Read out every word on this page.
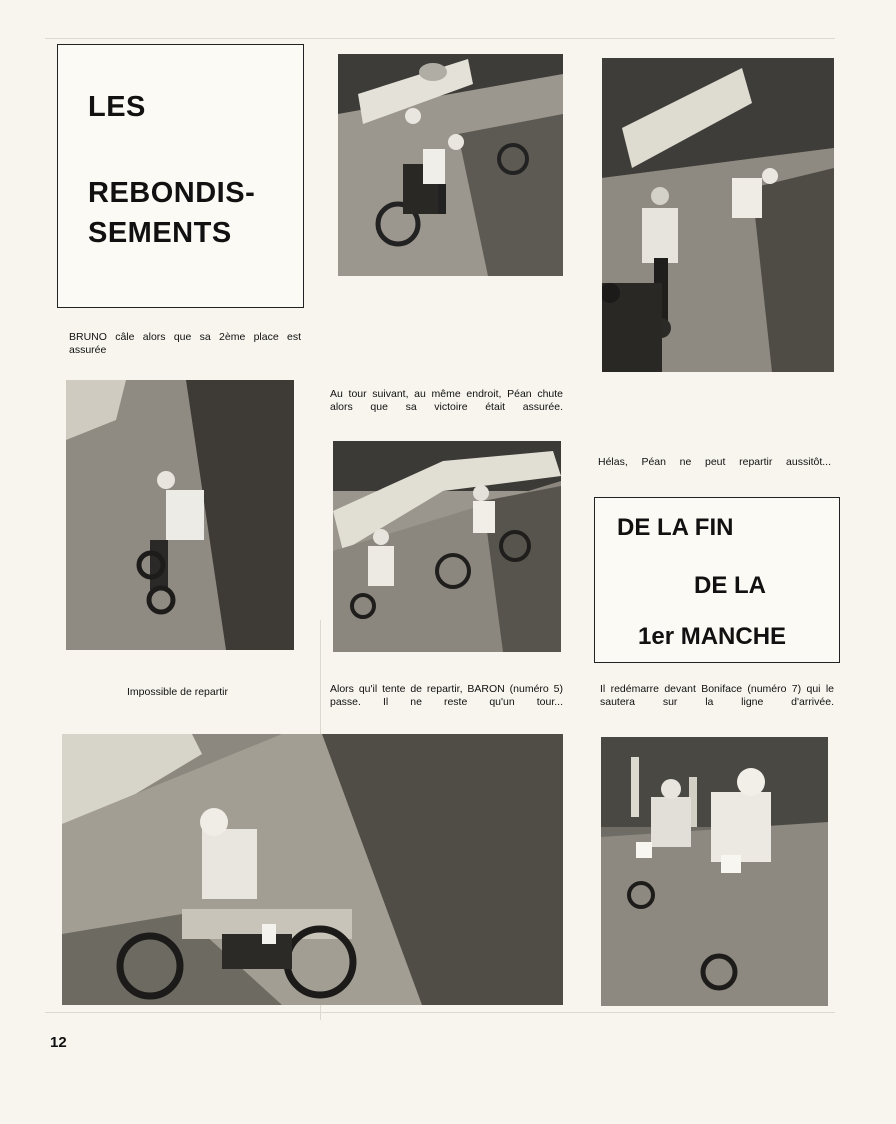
LES
REBONDIS-
SEMENTS
BRUNO câle alors que sa 2ème place est assurée
Au tour suivant, au même endroit, Péan chute alors que sa victoire était assurée.
Hélas, Péan ne peut repartir aussitôt...
DE LA FIN
DE LA
1er MANCHE
Impossible de repartir	Alors qu'il tente de repartir, BARON (numéro 5) passe. Il ne reste qu'un tour...
Il redémarre devant Boniface (numéro 7) qui le sautera sur la ligne d'arrivée.
12
